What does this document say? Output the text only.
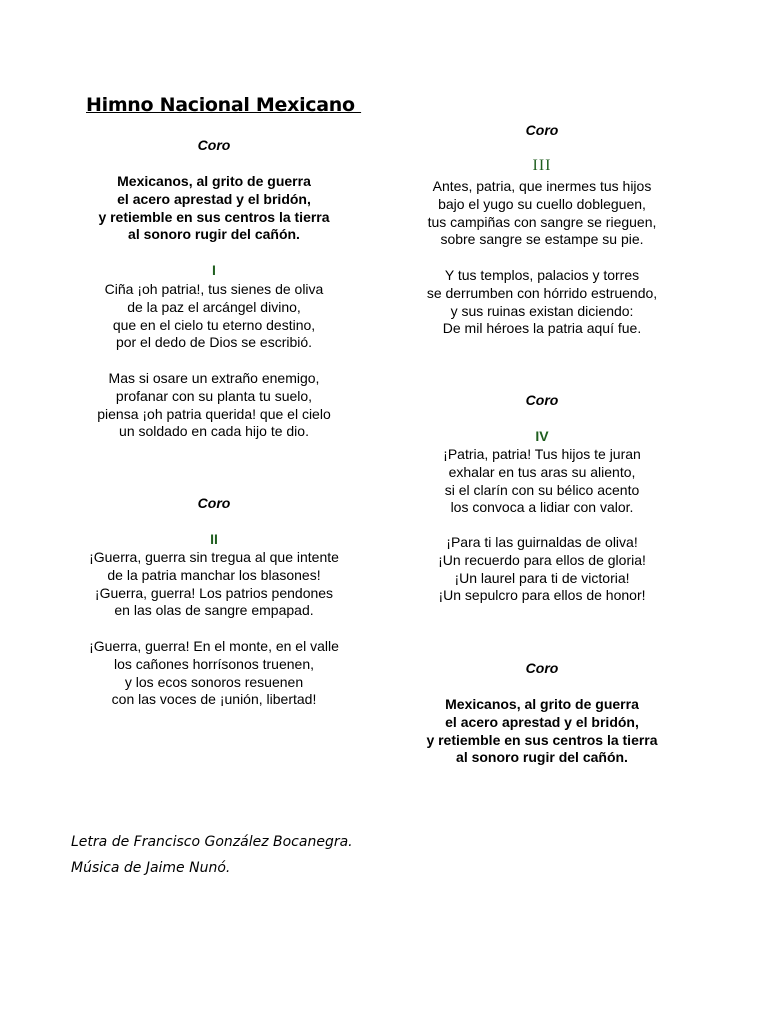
Himno Nacional Mexicano
Coro
Mexicanos, al grito de guerra
el acero aprestad y el bridón,
y retiemble en sus centros la tierra
al sonoro rugir del cañón.
I
Ciña ¡oh patria!, tus sienes de oliva
de la paz el arcángel divino,
que en el cielo tu eterno destino,
por el dedo de Dios se escribió.
Mas si osare un extraño enemigo,
profanar con su planta tu suelo,
piensa ¡oh patria querida! que el cielo
un soldado en cada hijo te dio.
Coro
II
¡Guerra, guerra sin tregua al que intente
de la patria manchar los blasones!
¡Guerra, guerra! Los patrios pendones
en las olas de sangre empapad.
¡Guerra, guerra! En el monte, en el valle
los cañones horrísonos truenen,
y los ecos sonoros resuenen
con las voces de ¡unión, libertad!
Coro
III
Antes, patria, que inermes tus hijos
bajo el yugo su cuello dobleguen,
tus campiñas con sangre se rieguen,
sobre sangre se estampe su pie.
Y tus templos, palacios y torres
se derrumben con hórrido estruendo,
y sus ruinas existan diciendo:
De mil héroes la patria aquí fue.
Coro
IV
¡Patria, patria! Tus hijos te juran
exhalar en tus aras su aliento,
si el clarín con su bélico acento
los convoca a lidiar con valor.
¡Para ti las guirnaldas de oliva!
¡Un recuerdo para ellos de gloria!
¡Un laurel para ti de victoria!
¡Un sepulcro para ellos de honor!
Coro
Mexicanos, al grito de guerra
el acero aprestad y el bridón,
y retiemble en sus centros la tierra
al sonoro rugir del cañón.
Letra de Francisco González Bocanegra.
Música de Jaime Nunó.
